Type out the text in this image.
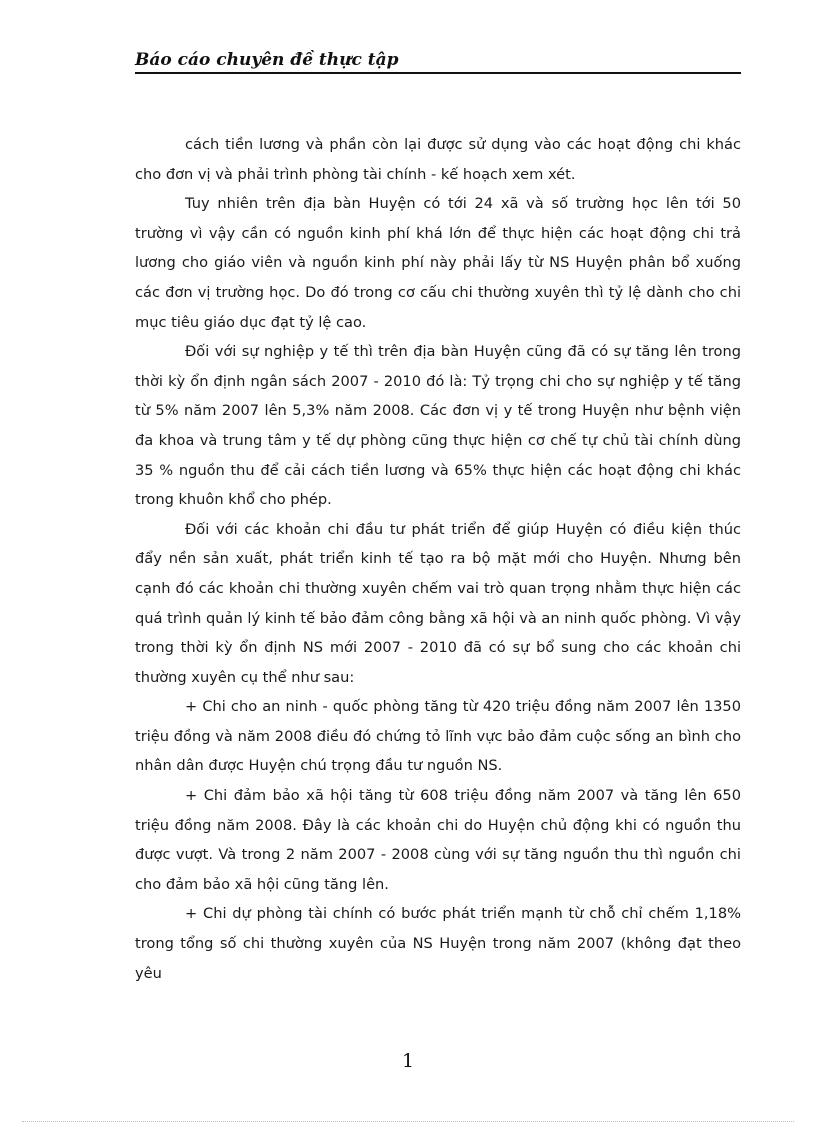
Báo cáo chuyên đề thực tập

cách tiền lương và phần còn lại được sử dụng vào các hoạt động chi khác cho đơn vị và phải trình phòng tài chính - kế hoạch xem xét.

Tuy nhiên trên địa bàn Huyện có tới 24 xã và số trường học lên tới 50 trường vì vậy cần có nguồn kinh phí khá lớn để thực hiện các hoạt động chi trả lương cho giáo viên và nguồn kinh phí này phải lấy từ NS Huyện phân bổ xuống các đơn vị trường học. Do đó trong cơ cấu chi thường xuyên thì tỷ lệ dành cho chi mục tiêu giáo dục đạt tỷ lệ cao.

Đối với sự nghiệp y tế thì trên địa bàn Huyện cũng đã có sự tăng lên trong thời kỳ ổn định ngân sách 2007 - 2010 đó là: Tỷ trọng chi cho sự nghiệp y tế tăng từ 5% năm 2007 lên 5,3% năm 2008. Các đơn vị y tế trong Huyện như bệnh viện đa khoa và trung tâm y tế dự phòng cũng thực hiện cơ chế tự chủ tài chính dùng 35 % nguồn thu để cải cách tiền lương và 65% thực hiện các hoạt động chi khác trong khuôn khổ cho phép.

Đối với các khoản chi đầu tư phát triển để giúp Huyện có điều kiện thúc đẩy nền sản xuất, phát triển kinh tế tạo ra bộ mặt mới cho Huyện. Nhưng bên cạnh đó các khoản chi thường xuyên chếm vai trò quan trọng nhằm thực hiện các quá trình quản lý kinh tế bảo đảm công bằng xã hội và an ninh quốc phòng. Vì vậy trong thời kỳ ổn định NS mới 2007 - 2010 đã có sự bổ sung cho các khoản chi thường xuyên cụ thể như sau:

+ Chi cho an ninh - quốc phòng tăng từ 420 triệu đồng năm 2007 lên 1350 triệu đồng và năm 2008 điều đó chứng tỏ lĩnh vực bảo đảm cuộc sống an bình cho nhân dân được Huyện chú trọng đầu tư nguồn NS.

+ Chi đảm bảo xã hội tăng từ 608 triệu đồng năm 2007 và tăng lên 650 triệu đồng năm 2008. Đây là các khoản chi do Huyện chủ động khi có nguồn thu được vượt. Và trong 2 năm 2007 - 2008 cùng với sự tăng nguồn thu thì nguồn chi cho đảm bảo xã hội cũng tăng lên.

+ Chi dự phòng tài chính có bước phát triển mạnh từ chỗ chỉ chếm 1,18% trong tổng số chi thường xuyên của NS Huyện trong năm 2007 (không đạt theo yêu

1
